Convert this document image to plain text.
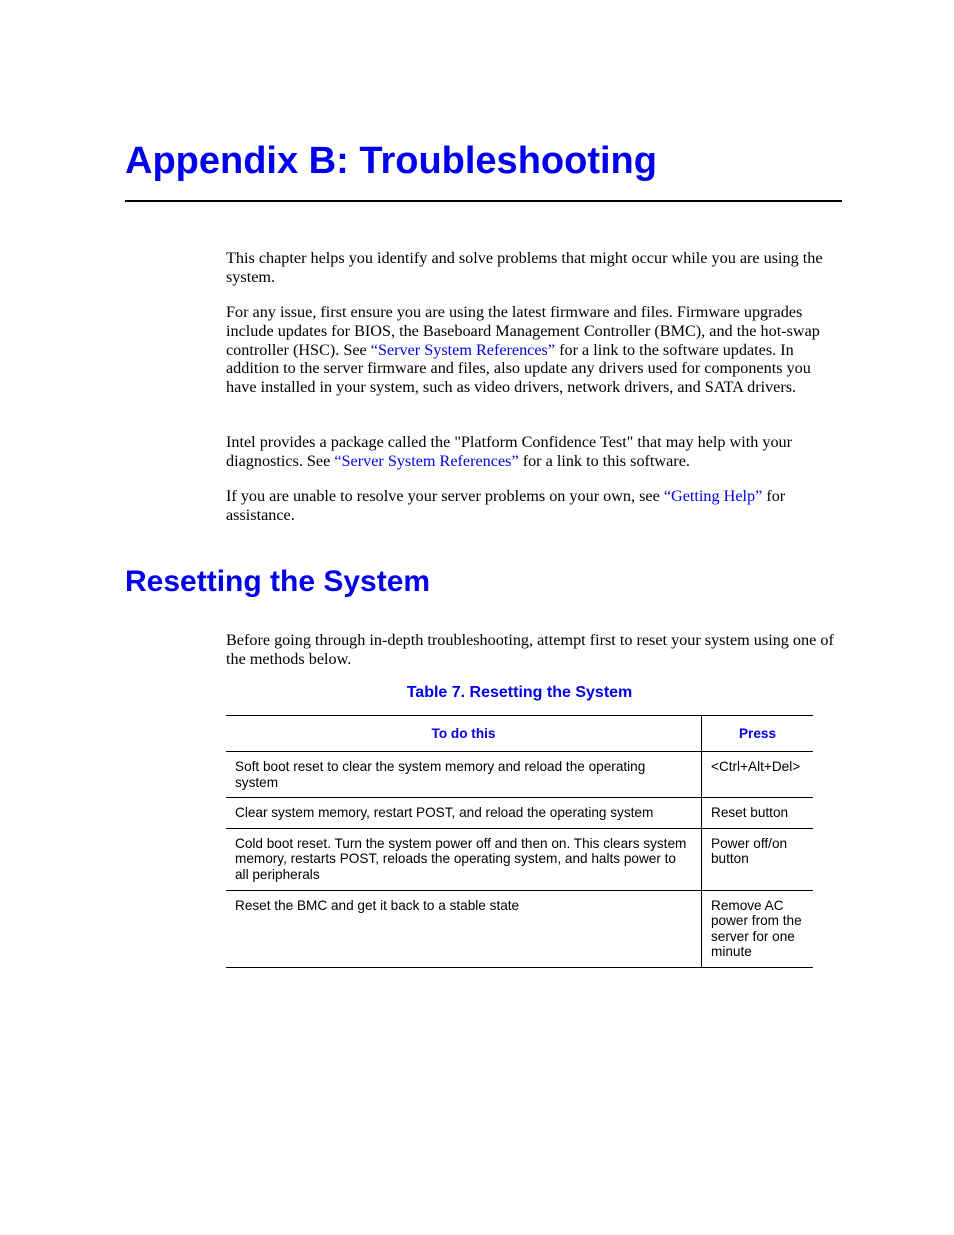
Appendix B: Troubleshooting

This chapter helps you identify and solve problems that might occur while you are using the system.

For any issue, first ensure you are using the latest firmware and files. Firmware upgrades include updates for BIOS, the Baseboard Management Controller (BMC), and the hot-swap controller (HSC). See “Server System References” for a link to the software updates. In addition to the server firmware and files, also update any drivers used for components you have installed in your system, such as video drivers, network drivers, and SATA drivers.

Intel provides a package called the "Platform Confidence Test" that may help with your diagnostics. See “Server System References” for a link to this software.

If you are unable to resolve your server problems on your own, see “Getting Help” for assistance.

Resetting the System

Before going through in-depth troubleshooting, attempt first to reset your system using one of the methods below.

Table 7. Resetting the System
To do this	Press
Soft boot reset to clear the system memory and reload the operating system	<Ctrl+Alt+Del>
Clear system memory, restart POST, and reload the operating system	Reset button
Cold boot reset. Turn the system power off and then on. This clears system memory, restarts POST, reloads the operating system, and halts power to all peripherals	Power off/on button
Reset the BMC and get it back to a stable state	Remove AC power from the server for one minute
